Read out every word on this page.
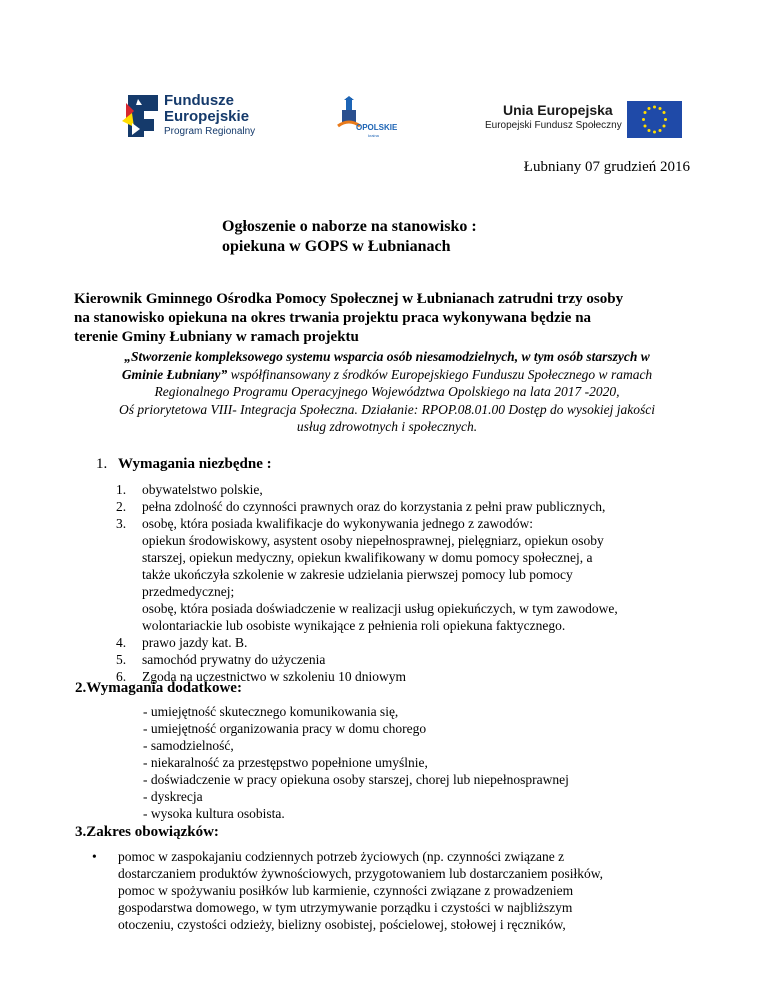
Fundusze
Europejskie
Program Regionalny	OPOLSKIE
kraina
Unia Europejska
Europejski Fundusz Społeczny
Łubniany 07 grudzień 2016
Ogłoszenie o naborze na stanowisko :
opiekuna w GOPS w Łubnianach
Kierownik Gminnego Ośrodka Pomocy Społecznej w Łubnianach zatrudni trzy osoby
na stanowisko opiekuna na okres trwania projektu praca wykonywana będzie na
terenie Gminy Łubniany w ramach projektu
„Stworzenie kompleksowego systemu wsparcia osób niesamodzielnych, w tym osób starszych w
Gminie Łubniany” współfinansowany z środków Europejskiego Funduszu Społecznego w ramach
Regionalnego Programu Operacyjnego Województwa Opolskiego na lata 2017 -2020,
Oś priorytetowa VIII- Integracja Społeczna. Działanie: RPOP.08.01.00 Dostęp do wysokiej jakości
usług zdrowotnych i społecznych.
1. Wymagania niezbędne :
1. obywatelstwo polskie,
2. pełna zdolność do czynności prawnych oraz do korzystania z pełni praw publicznych,
3. osobę, która posiada kwalifikacje do wykonywania jednego z zawodów:
opiekun środowiskowy, asystent osoby niepełnosprawnej, pielęgniarz, opiekun osoby
starszej, opiekun medyczny, opiekun kwalifikowany w domu pomocy społecznej, a
także ukończyła szkolenie w zakresie udzielania pierwszej pomocy lub pomocy
przedmedycznej;
osobę, która posiada doświadczenie w realizacji usług opiekuńczych, w tym zawodowe,
wolontariackie lub osobiste wynikające z pełnienia roli opiekuna faktycznego.
4. prawo jazdy kat. B.
5. samochód prywatny do użyczenia
6. Zgoda na uczestnictwo w szkoleniu 10 dniowym
2.Wymagania dodatkowe:
- umiejętność skutecznego komunikowania się,
- umiejętność organizowania pracy w domu chorego
- samodzielność,
- niekaralność za przestępstwo popełnione umyślnie,
- doświadczenie w pracy opiekuna osoby starszej, chorej lub niepełnosprawnej
- dyskrecja
- wysoka kultura osobista.
3.Zakres obowiązków:
• pomoc w zaspokajaniu codziennych potrzeb życiowych (np. czynności związane z
dostarczaniem produktów żywnościowych, przygotowaniem lub dostarczaniem posiłków,
pomoc w spożywaniu posiłków lub karmienie, czynności związane z prowadzeniem
gospodarstwa domowego, w tym utrzymywanie porządku i czystości w najbliższym
otoczeniu, czystości odzieży, bielizny osobistej, pościelowej, stołowej i ręczników,
